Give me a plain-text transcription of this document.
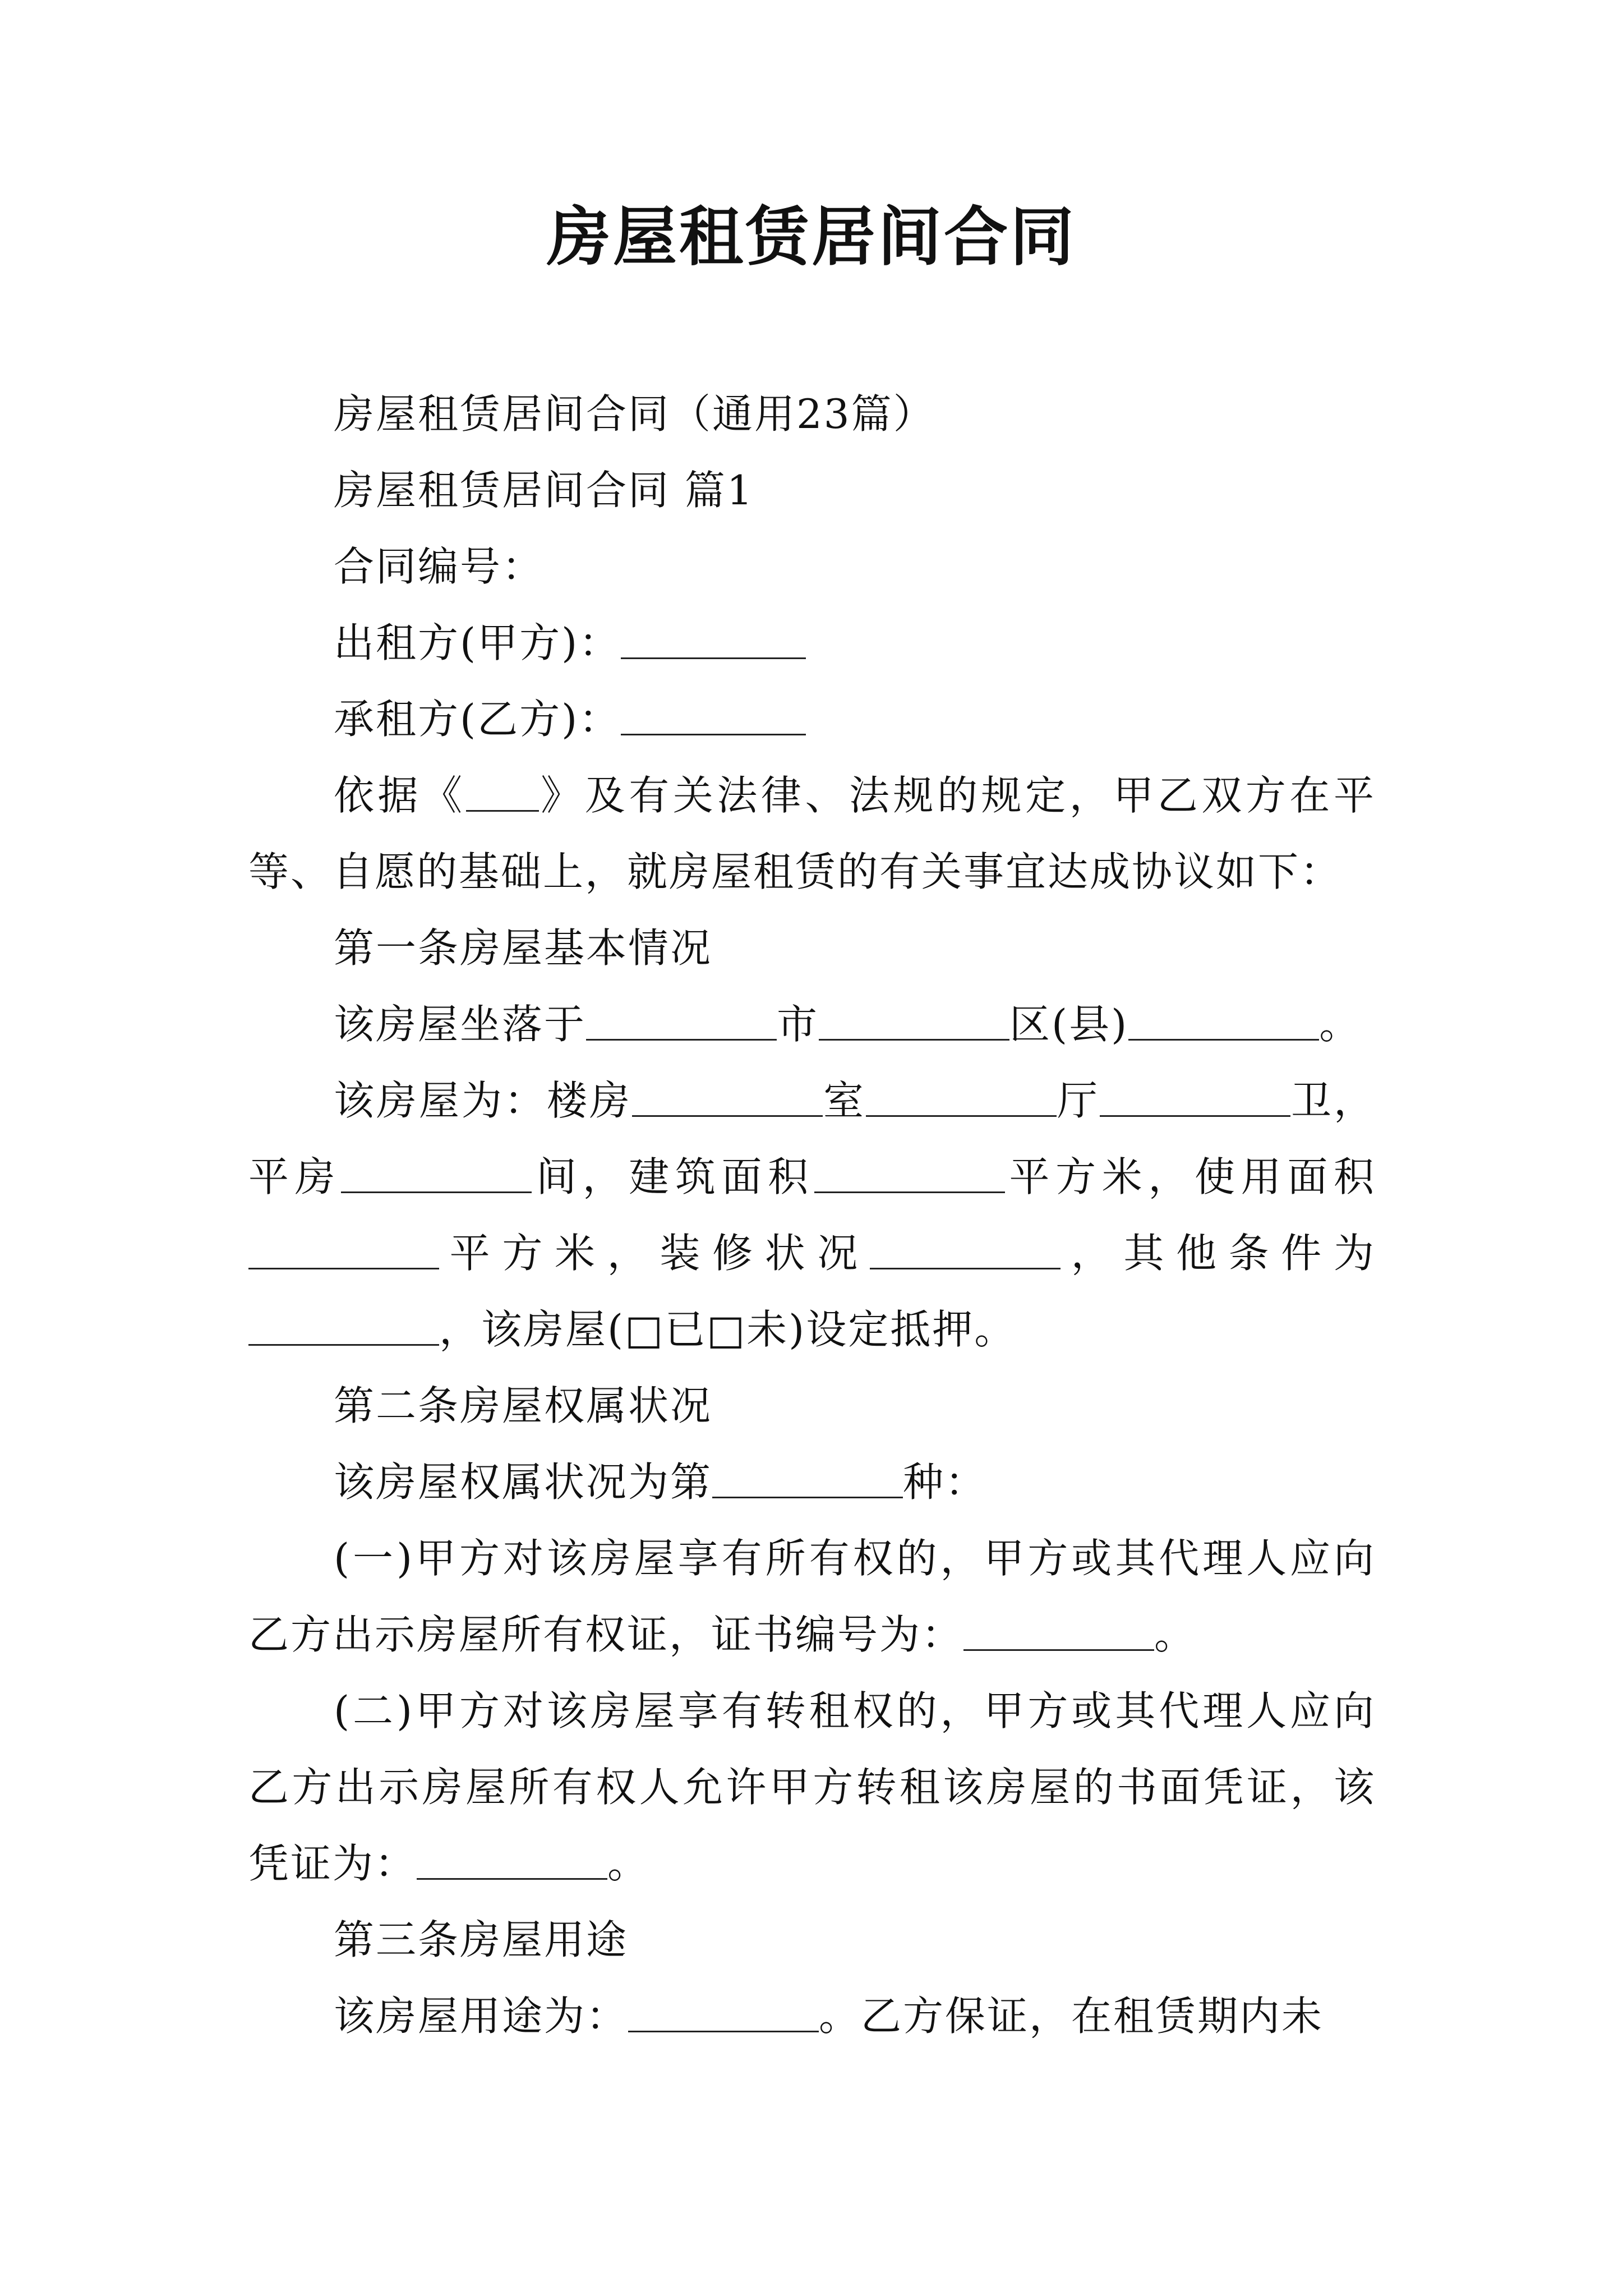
房屋租赁居间合同

房屋租赁居间合同（通用23篇）

房屋租赁居间合同 篇1

合同编号：

出租方(甲方)：

承租方(乙方)：

依据《 》及有关法律、法规的规定，甲乙双方在平等、自愿的基础上，就房屋租赁的有关事宜达成协议如下：

第一条房屋基本情况

该房屋坐落于	市	区(县)	。

该房屋为：楼房	室	厅	卫，平房	间，建筑面积	平方米，使用面积平方米，装修状况	，其他条件为，该房屋(□已□未)设定抵押。

第二条房屋权属状况

该房屋权属状况为第	种：

(一)甲方对该房屋享有所有权的，甲方或其代理人应向乙方出示房屋所有权证，证书编号为：	。

(二)甲方对该房屋享有转租权的，甲方或其代理人应向乙方出示房屋所有权人允许甲方转租该房屋的书面凭证，该凭证为：	。

第三条房屋用途

该房屋用途为：	。乙方保证，在租赁期内未
